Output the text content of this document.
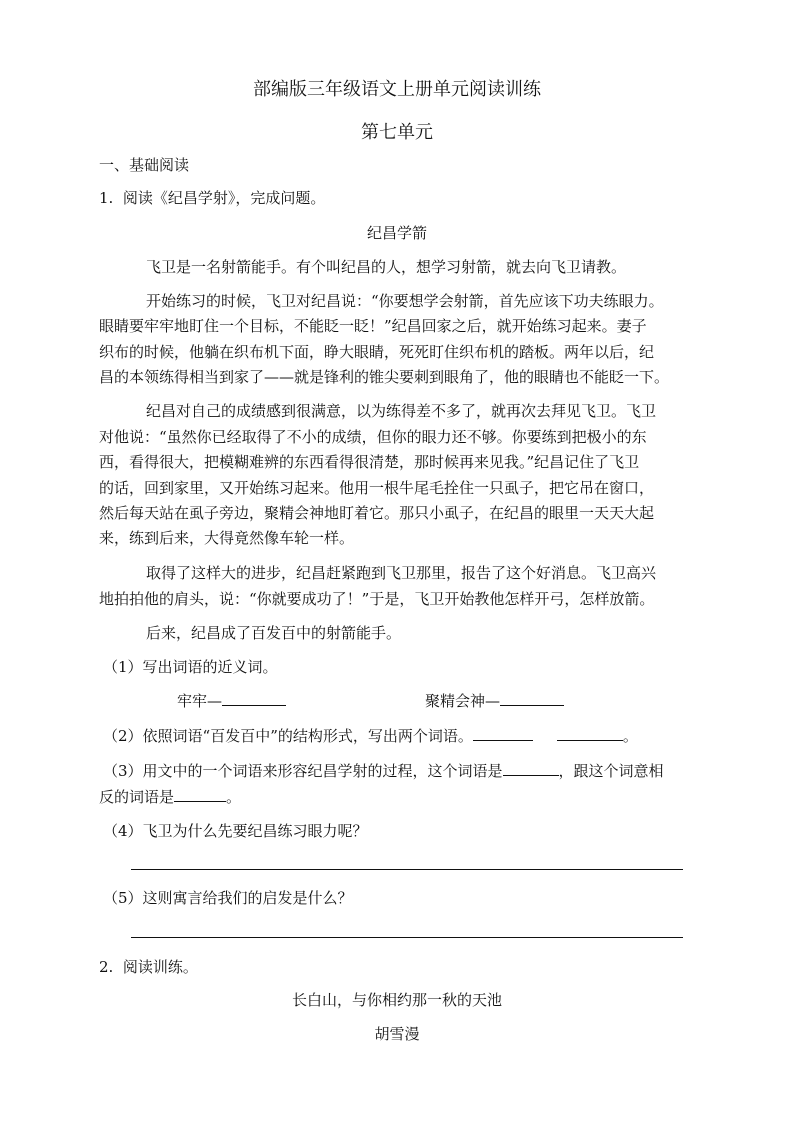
部编版三年级语文上册单元阅读训练
第七单元
一、基础阅读
1.  阅读《纪昌学射》，完成问题。
纪昌学箭
飞卫是一名射箭能手。有个叫纪昌的人，想学习射箭，就去向飞卫请教。
开始练习的时候，飞卫对纪昌说：“你要想学会射箭，首先应该下功夫练眼力。
眼睛要牢牢地盯住一个目标，不能眨一眨！”纪昌回家之后，就开始练习起来。妻子
织布的时候，他躺在织布机下面，睁大眼睛，死死盯住织布机的踏板。两年以后，纪
昌的本领练得相当到家了——就是锋利的锥尖要刺到眼角了，他的眼睛也不能眨一下。
纪昌对自己的成绩感到很满意，以为练得差不多了，就再次去拜见飞卫。飞卫
对他说：“虽然你已经取得了不小的成绩，但你的眼力还不够。你要练到把极小的东
西，看得很大，把模糊难辨的东西看得很清楚，那时候再来见我。”纪昌记住了飞卫
的话，回到家里，又开始练习起来。他用一根牛尾毛拴住一只虱子，把它吊在窗口，
然后每天站在虱子旁边，聚精会神地盯着它。那只小虱子，在纪昌的眼里一天天大起
来，练到后来，大得竟然像车轮一样。
取得了这样大的进步，纪昌赶紧跑到飞卫那里，报告了这个好消息。飞卫高兴
地拍拍他的肩头，说：“你就要成功了！”于是，飞卫开始教他怎样开弓，怎样放箭。
后来，纪昌成了百发百中的射箭能手。
（1）写出词语的近义词。
牢牢—	聚精会神—
（2）依照词语“百发百中”的结构形式，写出两个词语。	。
（3）用文中的一个词语来形容纪昌学射的过程，这个词语是	，跟这个词意相
反的词语是	。
（4）飞卫为什么先要纪昌练习眼力呢？
（5）这则寓言给我们的启发是什么？
2.  阅读训练。
长白山，与你相约那一秋的天池
胡雪漫
